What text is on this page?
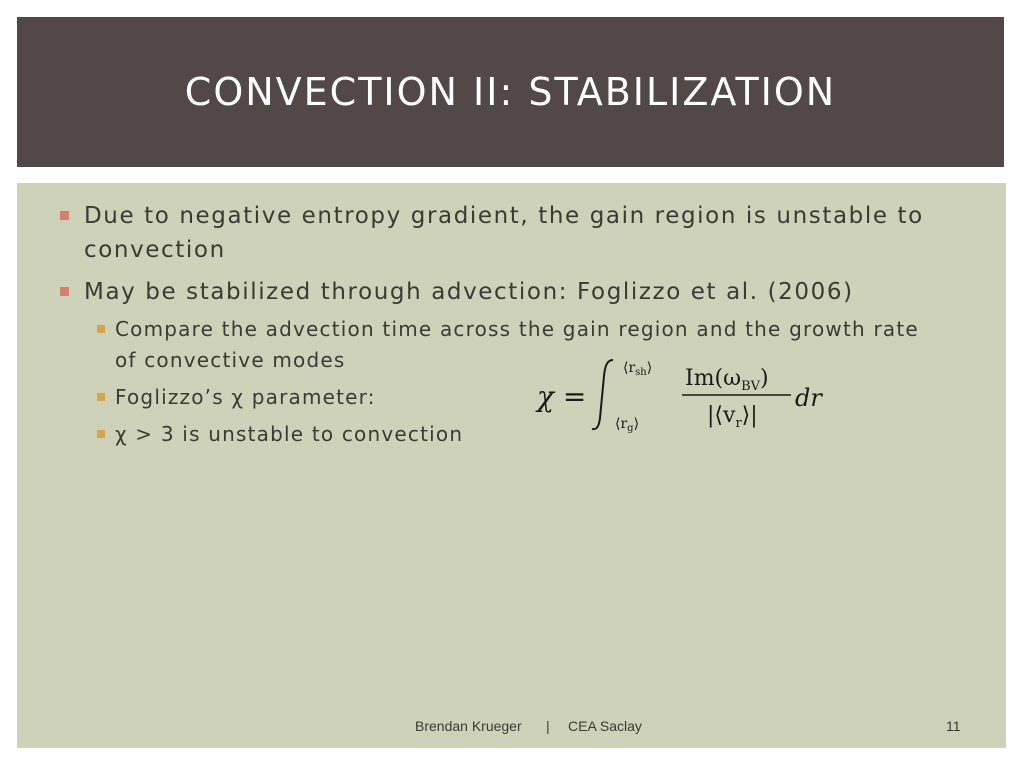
CONVECTION II: STABILIZATION
Due to negative entropy gradient, the gain region is unstable to convection
May be stabilized through advection: Foglizzo et al. (2006)
Compare the advection time across the gain region and the growth rate of convective modes
Foglizzo’s χ parameter:
χ > 3 is unstable to convection
χ =
$⟨r_{sh}⟩$
$⟨r_g⟩$
$Im(\omega_{BV})$
$|⟨v_r⟩|$
dr
Brendan Krueger | CEA Saclay	11
